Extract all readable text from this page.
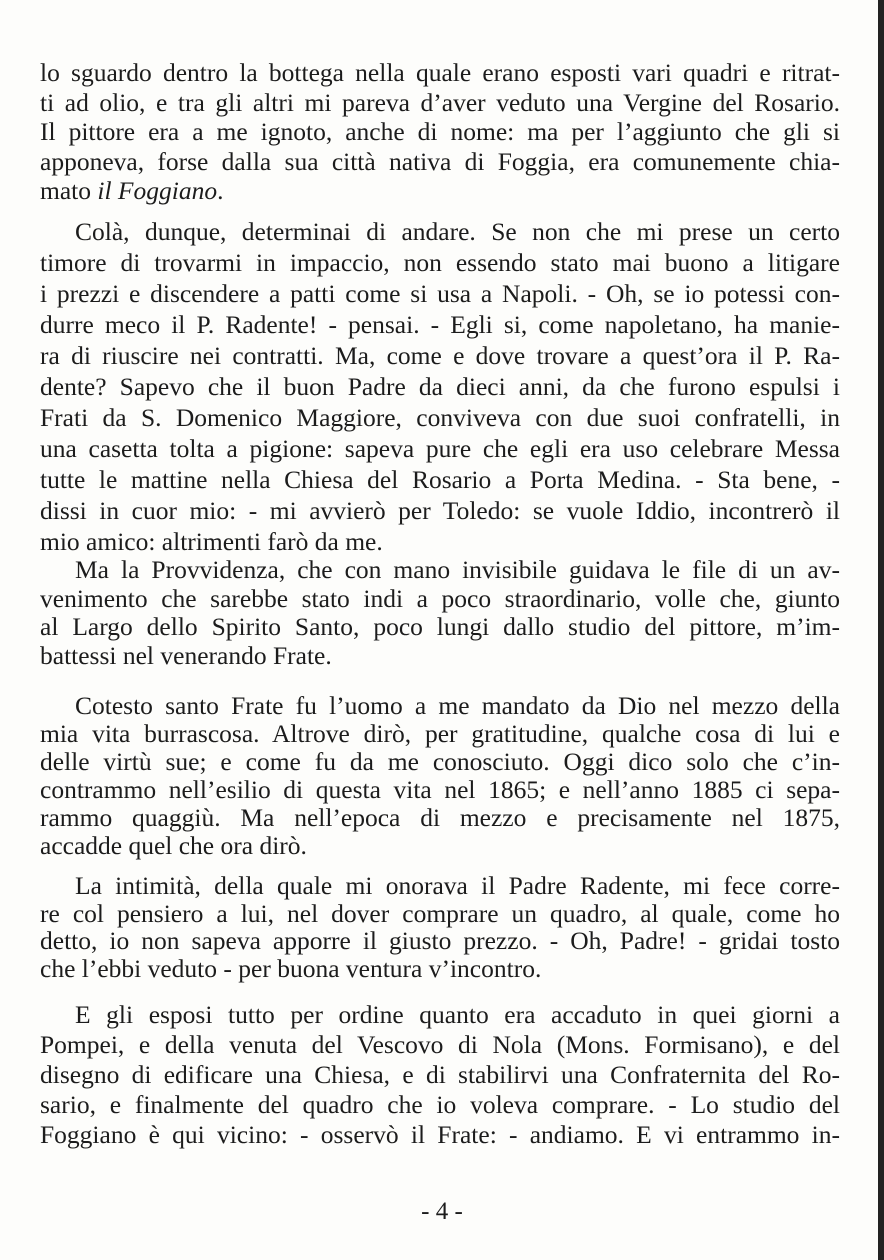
lo sguardo dentro la bottega nella quale erano esposti vari quadri e ritrat-
ti ad olio, e tra gli altri mi pareva d’aver veduto una Vergine del Rosario.
Il pittore era a me ignoto, anche di nome: ma per l’aggiunto che gli si
apponeva, forse dalla sua città nativa di Foggia, era comunemente chia-
mato il Foggiano.
Colà, dunque, determinai di andare. Se non che mi prese un certo
timore di trovarmi in impaccio, non essendo stato mai buono a litigare
i prezzi e discendere a patti come si usa a Napoli. - Oh, se io potessi con-
durre meco il P. Radente! - pensai. - Egli si, come napoletano, ha manie-
ra di riuscire nei contratti. Ma, come e dove trovare a quest’ora il P. Ra-
dente? Sapevo che il buon Padre da dieci anni, da che furono espulsi i
Frati da S. Domenico Maggiore, conviveva con due suoi confratelli, in
una casetta tolta a pigione: sapeva pure che egli era uso celebrare Messa
tutte le mattine nella Chiesa del Rosario a Porta Medina. - Sta bene, -
dissi in cuor mio: - mi avvierò per Toledo: se vuole Iddio, incontrerò il
mio amico: altrimenti farò da me.
Ma la Provvidenza, che con mano invisibile guidava le file di un av-
venimento che sarebbe stato indi a poco straordinario, volle che, giunto
al Largo dello Spirito Santo, poco lungi dallo studio del pittore, m’im-
battessi nel venerando Frate.
Cotesto santo Frate fu l’uomo a me mandato da Dio nel mezzo della
mia vita burrascosa. Altrove dirò, per gratitudine, qualche cosa di lui e
delle virtù sue; e come fu da me conosciuto. Oggi dico solo che c’in-
contrammo nell’esilio di questa vita nel 1865; e nell’anno 1885 ci sepa-
rammo quaggiù. Ma nell’epoca di mezzo e precisamente nel 1875,
accadde quel che ora dirò.
La intimità, della quale mi onorava il Padre Radente, mi fece corre-
re col pensiero a lui, nel dover comprare un quadro, al quale, come ho
detto, io non sapeva apporre il giusto prezzo. - Oh, Padre! - gridai tosto
che l’ebbi veduto - per buona ventura v’incontro.
E gli esposi tutto per ordine quanto era accaduto in quei giorni a
Pompei, e della venuta del Vescovo di Nola (Mons. Formisano), e del
disegno di edificare una Chiesa, e di stabilirvi una Confraternita del Ro-
sario, e finalmente del quadro che io voleva comprare. - Lo studio del
Foggiano è qui vicino: - osservò il Frate: - andiamo. E vi entrammo in-
- 4 -
